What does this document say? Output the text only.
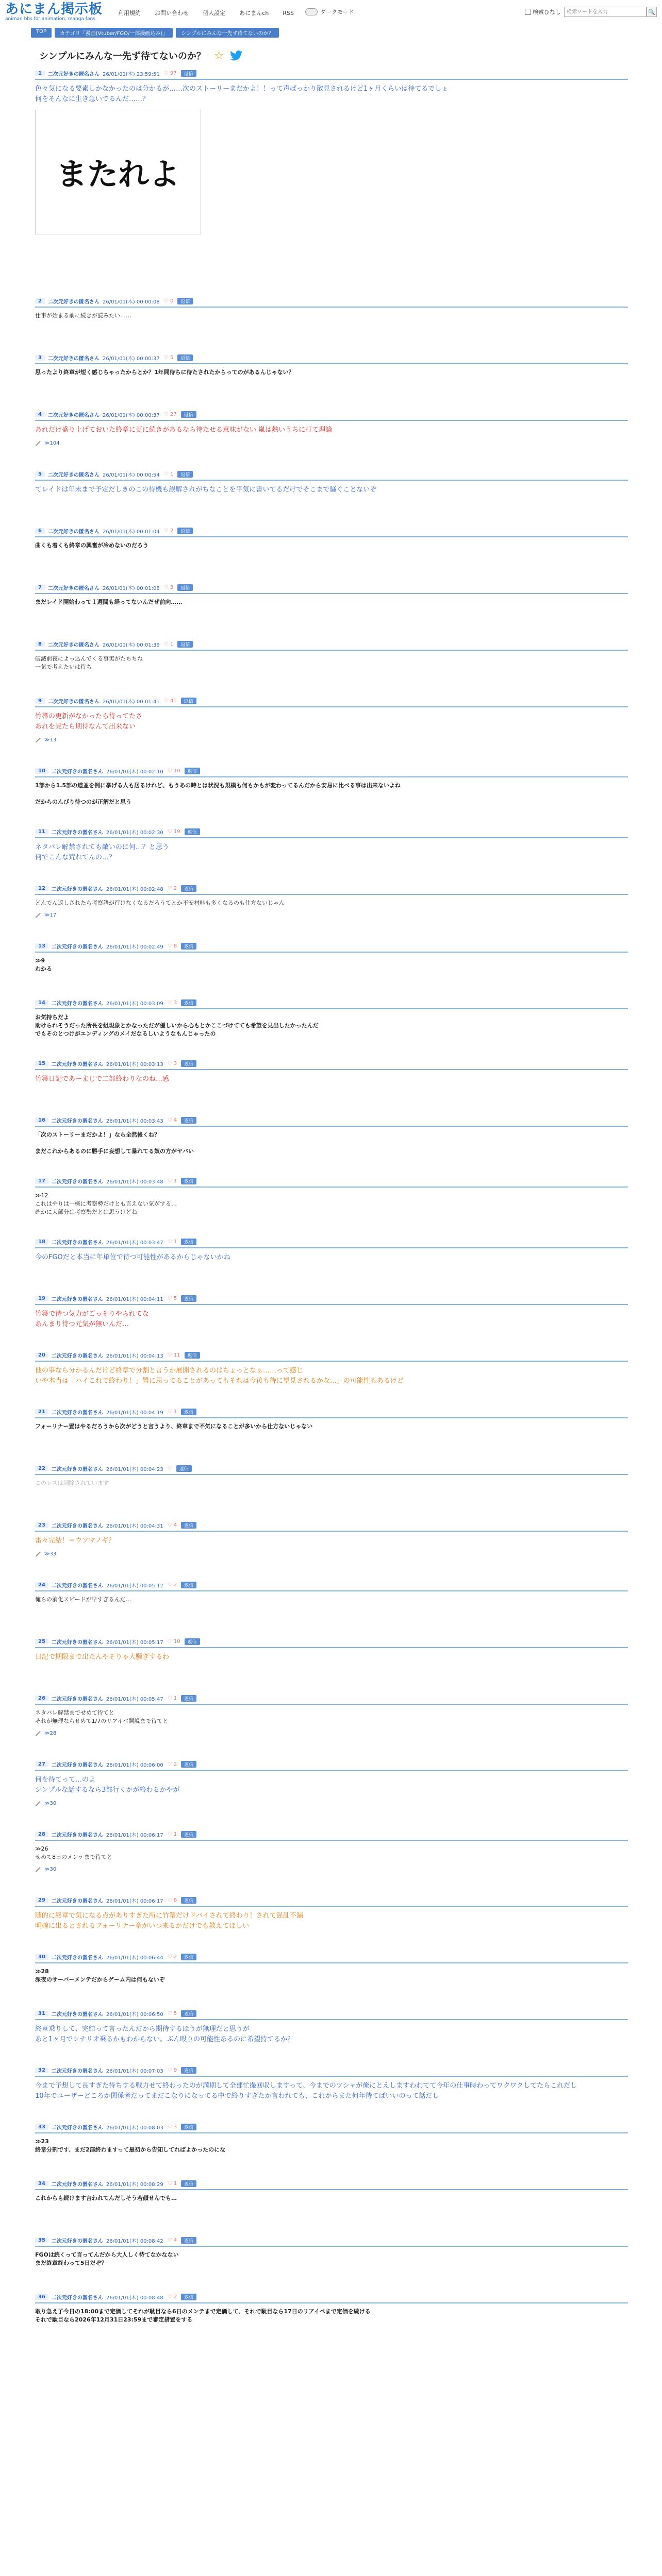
あにまん掲示板
animan bbs for animation, manga fans
利用規約 お問い合わせ 個人設定 あにまんch RSS	ダークモード	検索ひなし
検索ワードを入力	🔍
TOP	カテゴリ「漫画(Vtuber/FGO/一部漫画込み)」	シンプルにみんな一先ず待てないのか？
シンプルにみんな一先ず待てないのか？ ☆
1	二次元好きの匿名さん 26/01/01(木) 23:59:51 ♡ 97	返信
色々気になる要素しかなかったのは分かるが……次のストーリーまだかよ！！って声ばっかり散見されるけど1ヶ月くらいは待てるでしょ
何をそんなに生き急いでるんだ……？
またれよ
2	二次元好きの匿名さん 26/01/01(木) 00:00:08 ♡ 0	返信
仕事が始まる前に続きが読みたい……
3	二次元好きの匿名さん 26/01/01(木) 00:00:37 ♡ 5	返信
思ったより終章が短く感じちゃったからとか？1年間待ちに待たされたからってのがあるんじゃない？
4	二次元好きの匿名さん 26/01/01(木) 00:00:37 ♡ 27	返信
あれだけ盛り上げておいた終章に更に続きがあるなら待たせる意味がない 嵐は熱いうちに打て理論
≫104
5	二次元好きの匿名さん 26/01/01(木) 00:00:54 ♡ 1	返信
てレイドは年末まで予定だしきのこの待機も誤解されがちなことを平気に書いてるだけでそこまで騒ぐことないぞ
6	二次元好きの匿名さん 26/01/01(木) 00:01:04 ♡ 2	返信
曲くも着くも終章の興奮が冷めないのだろう
7	二次元好きの匿名さん 26/01/01(木) 00:01:08 ♡ 3	返信
まだレイド開始わって１週間も経ってないんだぜ前向……
8	二次元好きの匿名さん 26/01/01(木) 00:01:39 ♡ 1	返信
破滅前夜によっ込んでくる事実がたちちね
一気で考えたいは待ち
9	二次元好きの匿名さん 26/01/01(木) 00:01:41 ♡ 41	返信
竹箒の更新がなかったら待ってたさ
あれを見たら期待なんて出来ない
≫13
10	二次元好きの匿名さん 26/01/01(木) 00:02:10 ♡ 10	返信
1部から1.5部の道並を例に挙げる人も居るけれど、もうあの時とは状況も規模も何もかもが変わってるんだから安易に比べる事は出来ないよね

だからのんびり待つのが正解だと思う
11	二次元好きの匿名さん 26/01/01(木) 00:02:30 ♡ 19	返信
ネタバレ解禁されても敵いのに何…？と思う
何でこんな荒れてんの…？
12	二次元好きの匿名さん 26/01/01(木) 00:02:48 ♡ 2	返信
どんでん返しされたら考察語が行けなくなるだろうてとか不安材料も多くなるのも仕方ないじゃん
≫17
13	二次元好きの匿名さん 26/01/01(木) 00:02:49 ♡ 8	返信
≫9
わかる
14	二次元好きの匿名さん 26/01/01(木) 00:03:09 ♡ 3	返信
お気持ちだよ
助けられそうだった所長を組現象とかなっただが優しいから心もとかここづけてても希望を見出したかったんだ
でもそのとつけがエンディングのメイだなるしいようなもんじゃったの
15	二次元好きの匿名さん 26/01/01(木) 00:03:13 ♡ 3	返信
竹箒日記であーまじで二部終わりなのね…感
16	二次元好きの匿名さん 26/01/01(木) 00:03:43 ♡ 4	返信
「次のストーリーまだかよ！」なら全然後くね？

まだこれからあるのに勝手に妄想して暴れてる奴の方がヤバい
17	二次元好きの匿名さん 26/01/01(木) 00:03:48 ♡ 1	返信
≫12
これはやりは一概に考察勢だけとも言えない気がする…
確かに大部分は考察勢だとは思うけどね
18	二次元好きの匿名さん 26/01/01(木) 00:03:47 ♡ 1	返信
今のFGOだと本当に年単位で待つ可能性があるからじゃないかね
19	二次元好きの匿名さん 26/01/01(木) 00:04:11 ♡ 5	返信
竹箒で待つ気力がごっそりやられてな
あんまり待つ元気が無いんだ…
20	二次元好きの匿名さん 26/01/01(木) 00:04:13 ♡ 11	返信
他の事なら分かるんだけど終章で分割と言うか展開されるのはちょっとなぁ……って感じ
いや本当は「ハイこれで終わり！」置に思ってることがあってもそれは今後も待に望見されるかな…」の可能性もあるけど
21	二次元好きの匿名さん 26/01/01(木) 00:04:19 ♡ 1	返信
フォーリナー置はやるだろうから次がどうと言うより、終章まで不気になることが多いから仕方ないじゃない
22	二次元好きの匿名さん 26/01/01(木) 00:04:23 ♡	返信
このレスは削除されています
23	二次元好きの匿名さん 26/01/01(木) 00:04:31 ♡ 4	返信
雷々完結！＝ウソマノギ？
≫33
24	二次元好きの匿名さん 26/01/01(木) 00:05:12 ♡ 2	返信
俺らの消化スピードが早すぎるんだ…
25	二次元好きの匿名さん 26/01/01(木) 00:05:17 ♡ 10	返信
日記で期限まで出たんやそりゃ大騒ぎするわ
26	二次元好きの匿名さん 26/01/01(木) 00:05:47 ♡ 1	返信
ネタバレ解禁までせめて待てと
それが無理ならせめて1/7のリアイベ開説まで待てと
≫28
27	二次元好きの匿名さん 26/01/01(木) 00:06:00 ♡ 2	返信
何を待てって…のよ
シンプルな話するなら3部行くかが終わるかやが
≫30
28	二次元好きの匿名さん 26/01/01(木) 00:06:17 ♡ 1	返信
≫26
せめて8日のメンテまで待てと
≫30
29	二次元好きの匿名さん 26/01/01(木) 00:06:17 ♡ 8	返信
随的に終章で気になる点がありすぎた所に竹箒だけドバイされて終わり！されて混乱不漏
明確に出るとされるフォーリナー章がいつ来るかだけでも教えてほしい
30	二次元好きの匿名さん 26/01/01(木) 00:06:44 ♡ 2	返信
≫28
深夜のサーバーメンテだからゲーム内は何もないぞ
31	二次元好きの匿名さん 26/01/01(木) 00:06:50 ♡ 5	返信
終章乗りして、完結って言ったんだから期待するほうが無理だと思うが
あと1ヶ月でシナリオ乗るかもわからない。ぶん殴りの可能性あるのに希望持てるか？
32	二次元好きの匿名さん 26/01/01(木) 00:07:03 ♡ 9	返信
今まで予想して長すぎた待ちする戦力せて終わったのが満期して全部忙撮回収しますって、今までのツシャが俺にとえしますわれてて今年の仕事時わってワクワクしてたらこれだし
10年でユーザーどころか関係者だってまだこなりになってる中で終りすぎたか言われても、これからまた何年待てばいいのって話だし
33	二次元好きの匿名さん 26/01/01(木) 00:08:03 ♡ 3	返信
≫23
終章分割です、まだ2部終わますって最初から告知してればよかったのにな
34	二次元好きの匿名さん 26/01/01(木) 00:08:29 ♡ 1	返信
これからも続けます言われてんだしそう若顔せんでも…
35	二次元好きの匿名さん 26/01/01(木) 00:08:42 ♡ 4	返信
FGOは続くって言ってんだから大人しく待てなかなない
まだ終章終わって5日だぞ？
36	二次元好きの匿名さん 26/01/01(木) 00:08:48 ♡ 2	返信
取り急え了今日の18:00まで定価してそれが駄目なら6日のメンテまで定価して、それで駄目なら17日のリアイベまで定価を続ける
それで駄目なら2026年12月31日23:59まで審定措置をする
